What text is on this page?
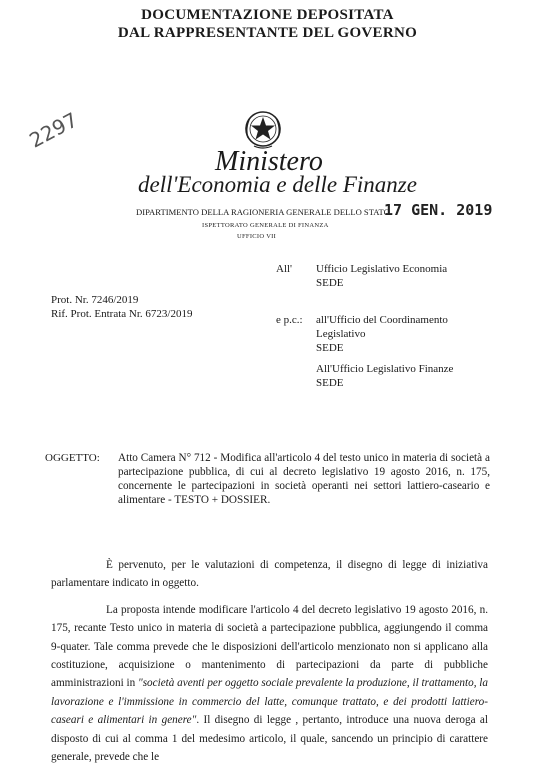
DOCUMENTAZIONE DEPOSITATA
DAL RAPPRESENTANTE DEL GOVERNO
2297
Ministero
dell'Economia e delle Finanze
DIPARTIMENTO DELLA RAGIONERIA GENERALE DELLO STATO
17 GEN. 2019
ISPETTORATO GENERALE DI FINANZA
UFFICIO VII
All' Ufficio Legislativo Economia
SEDE
Prot. Nr. 7246/2019
Rif. Prot. Entrata Nr. 6723/2019	e p.c.: all'Ufficio del Coordinamento
Legislativo
SEDE
All'Ufficio Legislativo Finanze
SEDE
OGGETTO: Atto Camera N° 712 - Modifica all'articolo 4 del testo unico in materia di società a partecipazione pubblica, di cui al decreto legislativo 19 agosto 2016, n. 175, concernente le partecipazioni in società operanti nei settori lattiero-caseario e alimentare - TESTO + DOSSIER.

È pervenuto, per le valutazioni di competenza, il disegno di legge di iniziativa parlamentare indicato in oggetto.

La proposta intende modificare l'articolo 4 del decreto legislativo 19 agosto 2016, n. 175, recante Testo unico in materia di società a partecipazione pubblica, aggiungendo il comma 9-quater. Tale comma prevede che le disposizioni dell'articolo menzionato non si applicano alla costituzione, acquisizione o mantenimento di partecipazioni da parte di pubbliche amministrazioni in "società aventi per oggetto sociale prevalente la produzione, il trattamento, la lavorazione e l'immissione in commercio del latte, comunque trattato, e dei prodotti lattiero-caseari e alimentari in genere". Il disegno di legge , pertanto, introduce una nuova deroga al disposto di cui al comma 1 del medesimo articolo, il quale, sancendo un principio di carattere generale, prevede che le
